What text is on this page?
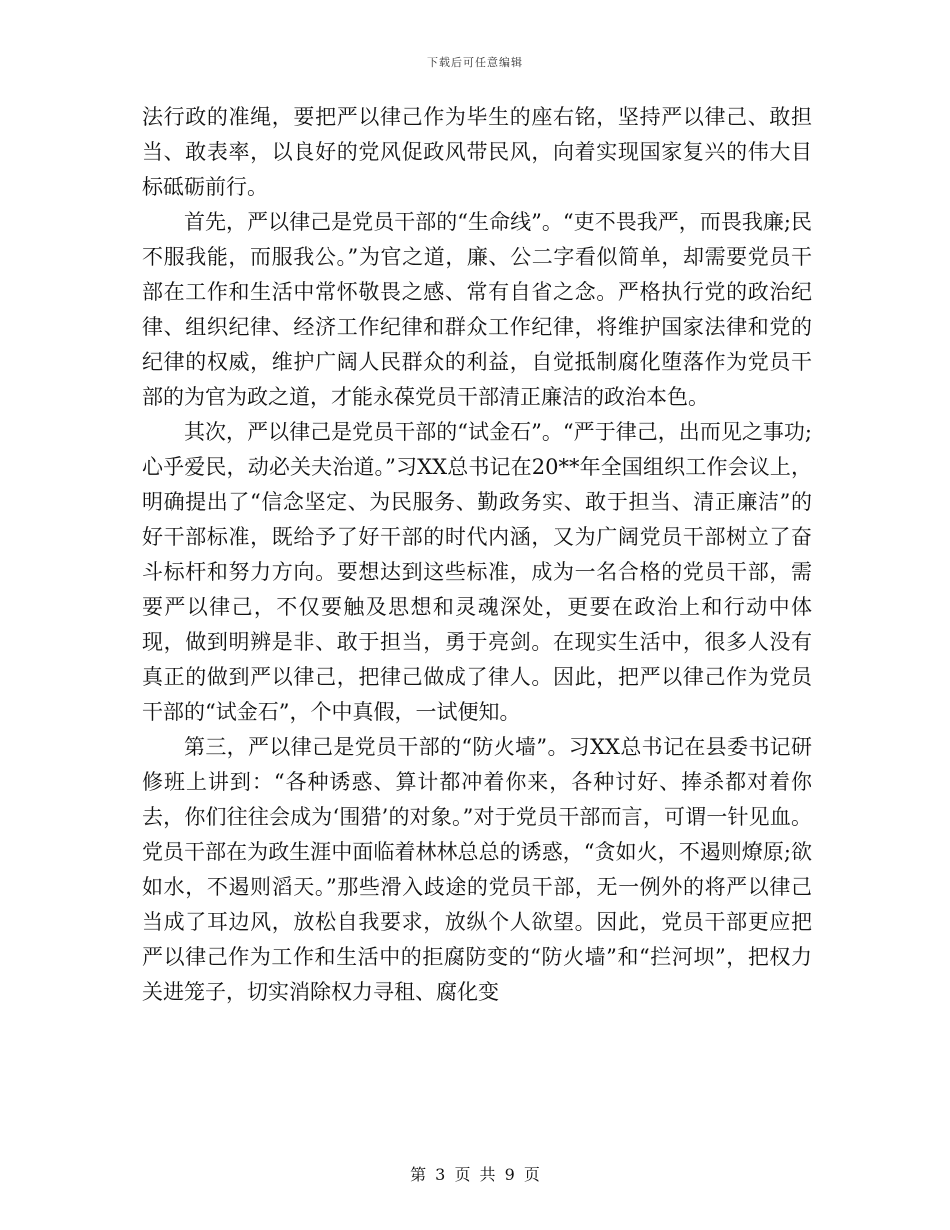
下载后可任意编辑

法行政的准绳，要把严以律己作为毕生的座右铭，坚持严以律己、敢担当、敢表率，以良好的党风促政风带民风，向着实现国家复兴的伟大目标砥砺前行。

首先，严以律己是党员干部的“生命线”。“吏不畏我严，而畏我廉;民不服我能，而服我公。”为官之道，廉、公二字看似简单，却需要党员干部在工作和生活中常怀敬畏之感、常有自省之念。严格执行党的政治纪律、组织纪律、经济工作纪律和群众工作纪律，将维护国家法律和党的纪律的权威，维护广阔人民群众的利益，自觉抵制腐化堕落作为党员干部的为官为政之道，才能永葆党员干部清正廉洁的政治本色。

其次，严以律己是党员干部的“试金石”。“严于律己，出而见之事功;心乎爱民，动必关夫治道。”习XX总书记在20**年全国组织工作会议上，明确提出了“信念坚定、为民服务、勤政务实、敢于担当、清正廉洁”的好干部标准，既给予了好干部的时代内涵，又为广阔党员干部树立了奋斗标杆和努力方向。要想达到这些标准，成为一名合格的党员干部，需要严以律己，不仅要触及思想和灵魂深处，更要在政治上和行动中体现，做到明辨是非、敢于担当，勇于亮剑。在现实生活中，很多人没有真正的做到严以律己，把律己做成了律人。因此，把严以律己作为党员干部的“试金石”，个中真假，一试便知。

第三，严以律己是党员干部的“防火墙”。习XX总书记在县委书记研修班上讲到：“各种诱惑、算计都冲着你来，各种讨好、捧杀都对着你去，你们往往会成为‘围猎’的对象。”对于党员干部而言，可谓一针见血。党员干部在为政生涯中面临着林林总总的诱惑，“贪如火，不遏则燎原;欲如水，不遏则滔天。”那些滑入歧途的党员干部，无一例外的将严以律己当成了耳边风，放松自我要求，放纵个人欲望。因此，党员干部更应把严以律己作为工作和生活中的拒腐防变的“防火墙”和“拦河坝”，把权力关进笼子，切实消除权力寻租、腐化变

第 3 页 共 9 页
